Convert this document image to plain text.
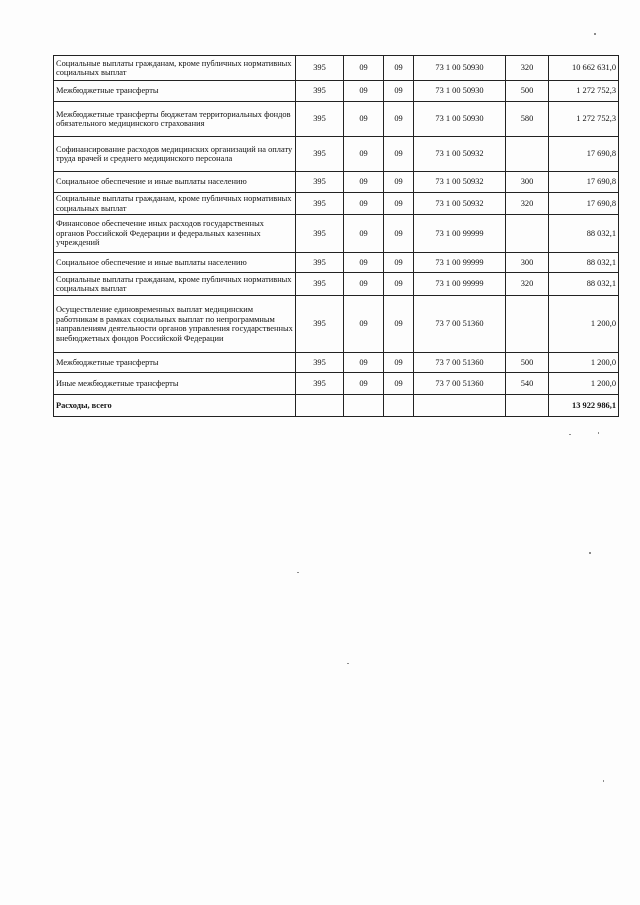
Социальные выплаты гражданам, кроме публичных нормативных социальных выплат	395	09	09	73 1 00 50930	320	10 662 631,0
Межбюджетные трансферты	395	09	09	73 1 00 50930	500	1 272 752,3
Межбюджетные трансферты бюджетам территориальных фондов обязательного медицинского страхования	395	09	09	73 1 00 50930	580	1 272 752,3
Софинансирование расходов медицинских организаций на оплату труда врачей и среднего медицинского персонала	395	09	09	73 1 00 50932		17 690,8
Социальное обеспечение и иные выплаты населению	395	09	09	73 1 00 50932	300	17 690,8
Социальные выплаты гражданам, кроме публичных нормативных социальных выплат	395	09	09	73 1 00 50932	320	17 690,8
Финансовое обеспечение иных расходов государственных органов Российской Федерации и федеральных казенных учреждений	395	09	09	73 1 00 99999		88 032,1
Социальное обеспечение и иные выплаты населению	395	09	09	73 1 00 99999	300	88 032,1
Социальные выплаты гражданам, кроме публичных нормативных социальных выплат	395	09	09	73 1 00 99999	320	88 032,1
Осуществление единовременных выплат медицинским работникам в рамках социальных выплат по непрограммным направлениям деятельности органов управления государственных внебюджетных фондов Российской Федерации	395	09	09	73 7 00 51360		1 200,0
Межбюджетные трансферты	395	09	09	73 7 00 51360	500	1 200,0
Иные межбюджетные трансферты	395	09	09	73 7 00 51360	540	1 200,0
Расходы, всего						13 922 986,1
